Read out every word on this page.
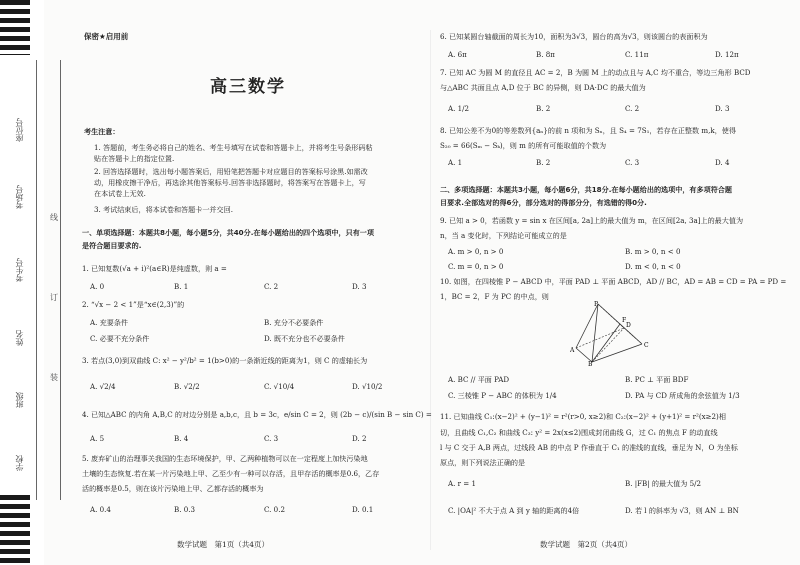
座位号
考场号
考生号
姓名
班级
学校
线
订
装
保密★启用前
高三数学
考生注意：
1. 答题前，考生务必将自己的姓名、考生号填写在试卷和答题卡上，并将考生号条形码粘
贴在答题卡上的指定位置.
2. 回答选择题时，选出每小题答案后，用铅笔把答题卡对应题目的答案标号涂黑.如需改
动，用橡皮擦干净后，再选涂其他答案标号.回答非选择题时，将答案写在答题卡上，写
在本试卷上无效.
3. 考试结束后，将本试卷和答题卡一并交回.
一、单项选择题：本题共8小题，每小题5分，共40分.在每小题给出的四个选项中，只有一项
是符合题目要求的.
1. 已知复数(√a + i)²(a∈R)是纯虚数，则 a =
A. 0	B. 1	C. 2	D. 3
2. “√x − 2 < 1”是“x∈(2,3)”的
A. 充要条件	B. 充分不必要条件
C. 必要不充分条件	D. 既不充分也不必要条件
3. 若点(3,0)到双曲线 C: x² − y²/b² = 1(b>0)的一条渐近线的距离为1，则 C 的虚轴长为
A. √2/4	B. √2/2	C. √10/4	D. √10/2
4. 已知△ABC 的内角 A,B,C 的对边分别是 a,b,c，且 b = 3c，e/sin C = 2，则 (2b − c)/(sin B − sin C) =
A. 5	B. 4	C. 3	D. 2
5. 废弃矿山的治理事关我国的生态环境保护，甲、乙两种植物可以在一定程度上加快污染地
土壤的生态恢复.若在某一片污染地上甲、乙至少有一种可以存活，且甲存活的概率是0.6，乙存
活的概率是0.5，则在该片污染地上甲、乙都存活的概率为
A. 0.4	B. 0.3	C. 0.2	D. 0.1
数学试题　第1页（共4页）
6. 已知某圆台轴截面的周长为10，面积为3√3，圆台的高为√3，则该圆台的表面积为
A. 6π	B. 8π	C. 11π	D. 12π
7. 已知 AC 为圆 M 的直径且 AC = 2，B 为圆 M 上的动点且与 A,C 均不重合，等边三角形 BCD
与△ABC 共面且点 A,D 位于 BC 的异侧，则 DA·DC 的最大值为
A. 1/2	B. 2	C. 2	D. 3
8. 已知公差不为0的等差数列{aₙ}的前 n 项和为 Sₙ，且 S₄ = 7S₁，若存在正整数 m,k，使得
S₂₀ = 66(Sₘ − Sₖ)，则 m 的所有可能取值的个数为
A. 1	B. 2	C. 3	D. 4
二、多项选择题：本题共3小题，每小题6分，共18分.在每小题给出的选项中，有多项符合题
目要求.全部选对的得6分，部分选对的得部分分，有选错的得0分.
9. 已知 a > 0，若函数 y = sin x 在区间[a, 2a]上的最大值为 m，在区间[2a, 3a]上的最大值为
n，当 a 变化时，下列结论可能成立的是
A. m > 0, n > 0	B. m > 0, n < 0
C. m = 0, n > 0	D. m < 0, n < 0
10. 如图，在四棱锥 P − ABCD 中，平面 PAD ⊥ 平面 ABCD，AD // BC，AD = AB = CD = PA = PD =
1，BC = 2，F 为 PC 的中点，则
P
A
B
C
D
F
A. BC // 平面 PAD	B. PC ⊥ 平面 BDF
C. 三棱锥 P − ABC 的体积为 1/4	D. PA 与 CD 所成角的余弦值为 1/3
11. 已知曲线 C₁:(x−2)² + (y−1)² = r²(r>0, x≥2)和 C₂:(x−2)² + (y+1)² = r²(x≥2)相
切，且曲线 C₁,C₂ 和曲线 C₃: y² = 2x(x≤2)围成封闭曲线 G，过 C₁ 的焦点 F 的动直线
l 与 C 交于 A,B 两点，过线段 AB 的中点 P 作垂直于 C₁ 的准线的直线，垂足为 N，O 为坐标
原点，则下列说法正确的是
A. r = 1	B. |FB| 的最大值为 5/2
C. |OA|² 不大于点 A 到 y 轴的距离的4倍	D. 若 l 的斜率为 √3，则 AN ⊥ BN
数学试题　第2页（共4页）
